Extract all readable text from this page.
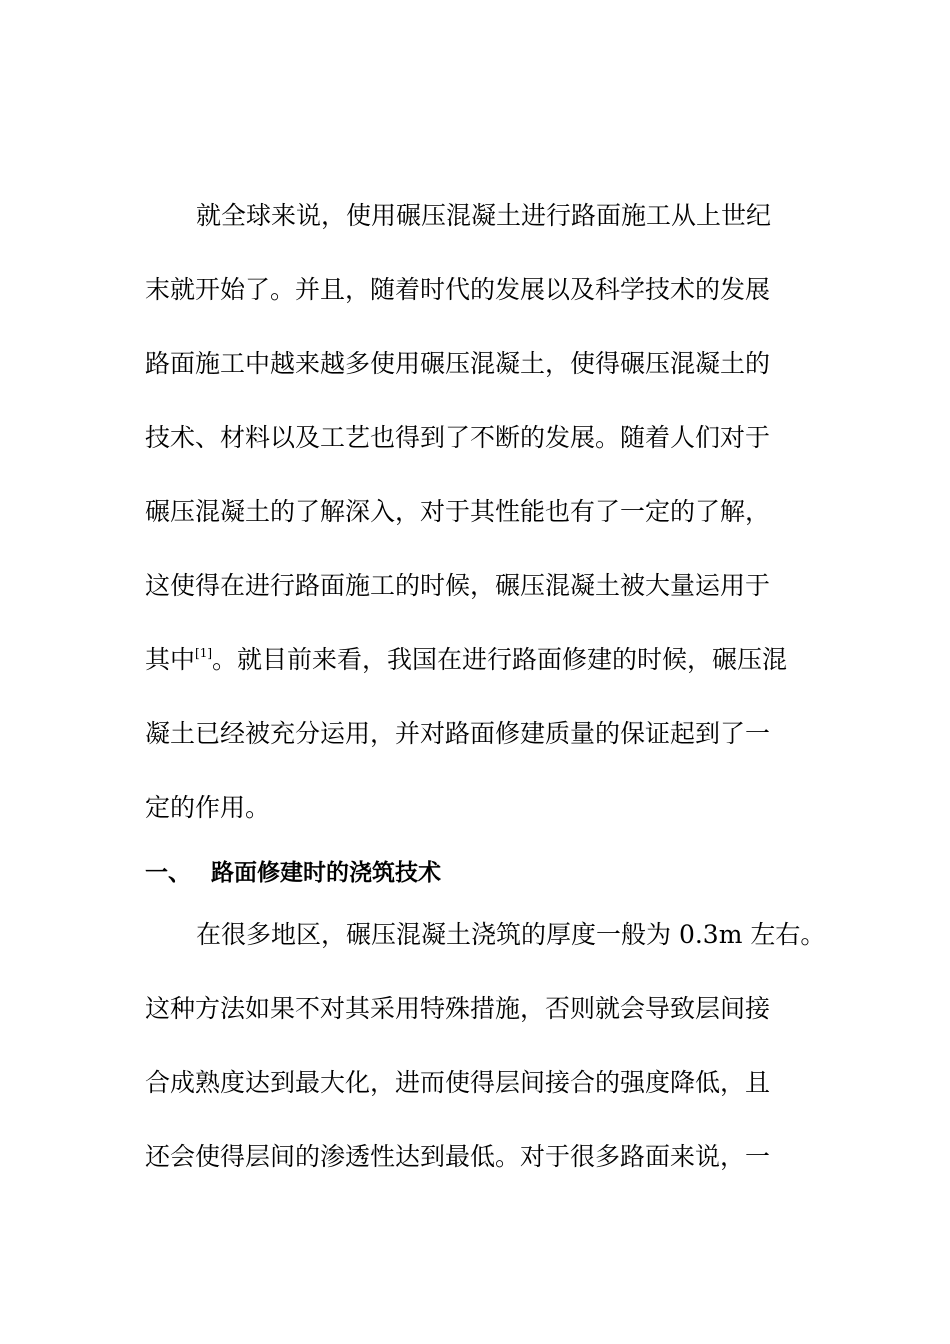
就全球来说，使用碾压混凝土进行路面施工从上世纪
末就开始了。并且，随着时代的发展以及科学技术的发展
路面施工中越来越多使用碾压混凝土，使得碾压混凝土的
技术、材料以及工艺也得到了不断的发展。随着人们对于
碾压混凝土的了解深入，对于其性能也有了一定的了解，
这使得在进行路面施工的时候，碾压混凝土被大量运用于
其中[1]。就目前来看，我国在进行路面修建的时候，碾压混
凝土已经被充分运用，并对路面修建质量的保证起到了一
定的作用。
一、 路面修建时的浇筑技术
在很多地区，碾压混凝土浇筑的厚度一般为 0.3m 左右。
这种方法如果不对其采用特殊措施，否则就会导致层间接
合成熟度达到最大化，进而使得层间接合的强度降低，且
还会使得层间的渗透性达到最低。对于很多路面来说，一
